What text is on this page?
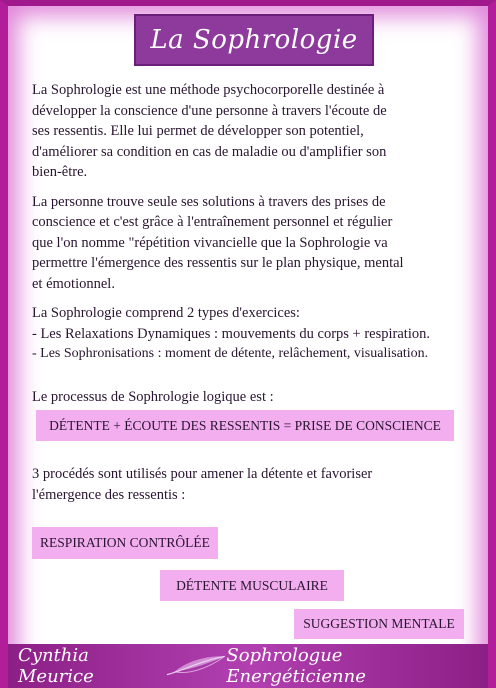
La Sophrologie

La Sophrologie est une méthode psychocorporelle destinée à
développer la conscience d'une personne à travers l'écoute de
ses ressentis. Elle lui permet de développer son potentiel,
d'améliorer sa condition en cas de maladie ou d'amplifier son
bien-être.

La personne trouve seule ses solutions à travers des prises de
conscience et c'est grâce à l'entraînement personnel et régulier
que l'on nomme "répétition vivancielle que la Sophrologie va
permettre l'émergence des ressentis sur le plan physique, mental
et émotionnel.

La Sophrologie comprend 2 types d'exercices:
- Les Relaxations Dynamiques : mouvements du corps + respiration.
- Les Sophronisations : moment de détente, relâchement, visualisation.

Le processus de Sophrologie logique est :

DÉTENTE + ÉCOUTE DES RESSENTIS = PRISE DE CONSCIENCE

3 procédés sont utilisés pour amener la détente et favoriser
l'émergence des ressentis :

RESPIRATION CONTRÔLÉE
DÉTENTE MUSCULAIRE
SUGGESTION MENTALE
Cynthia Meurice
Sophrologue Energéticienne
